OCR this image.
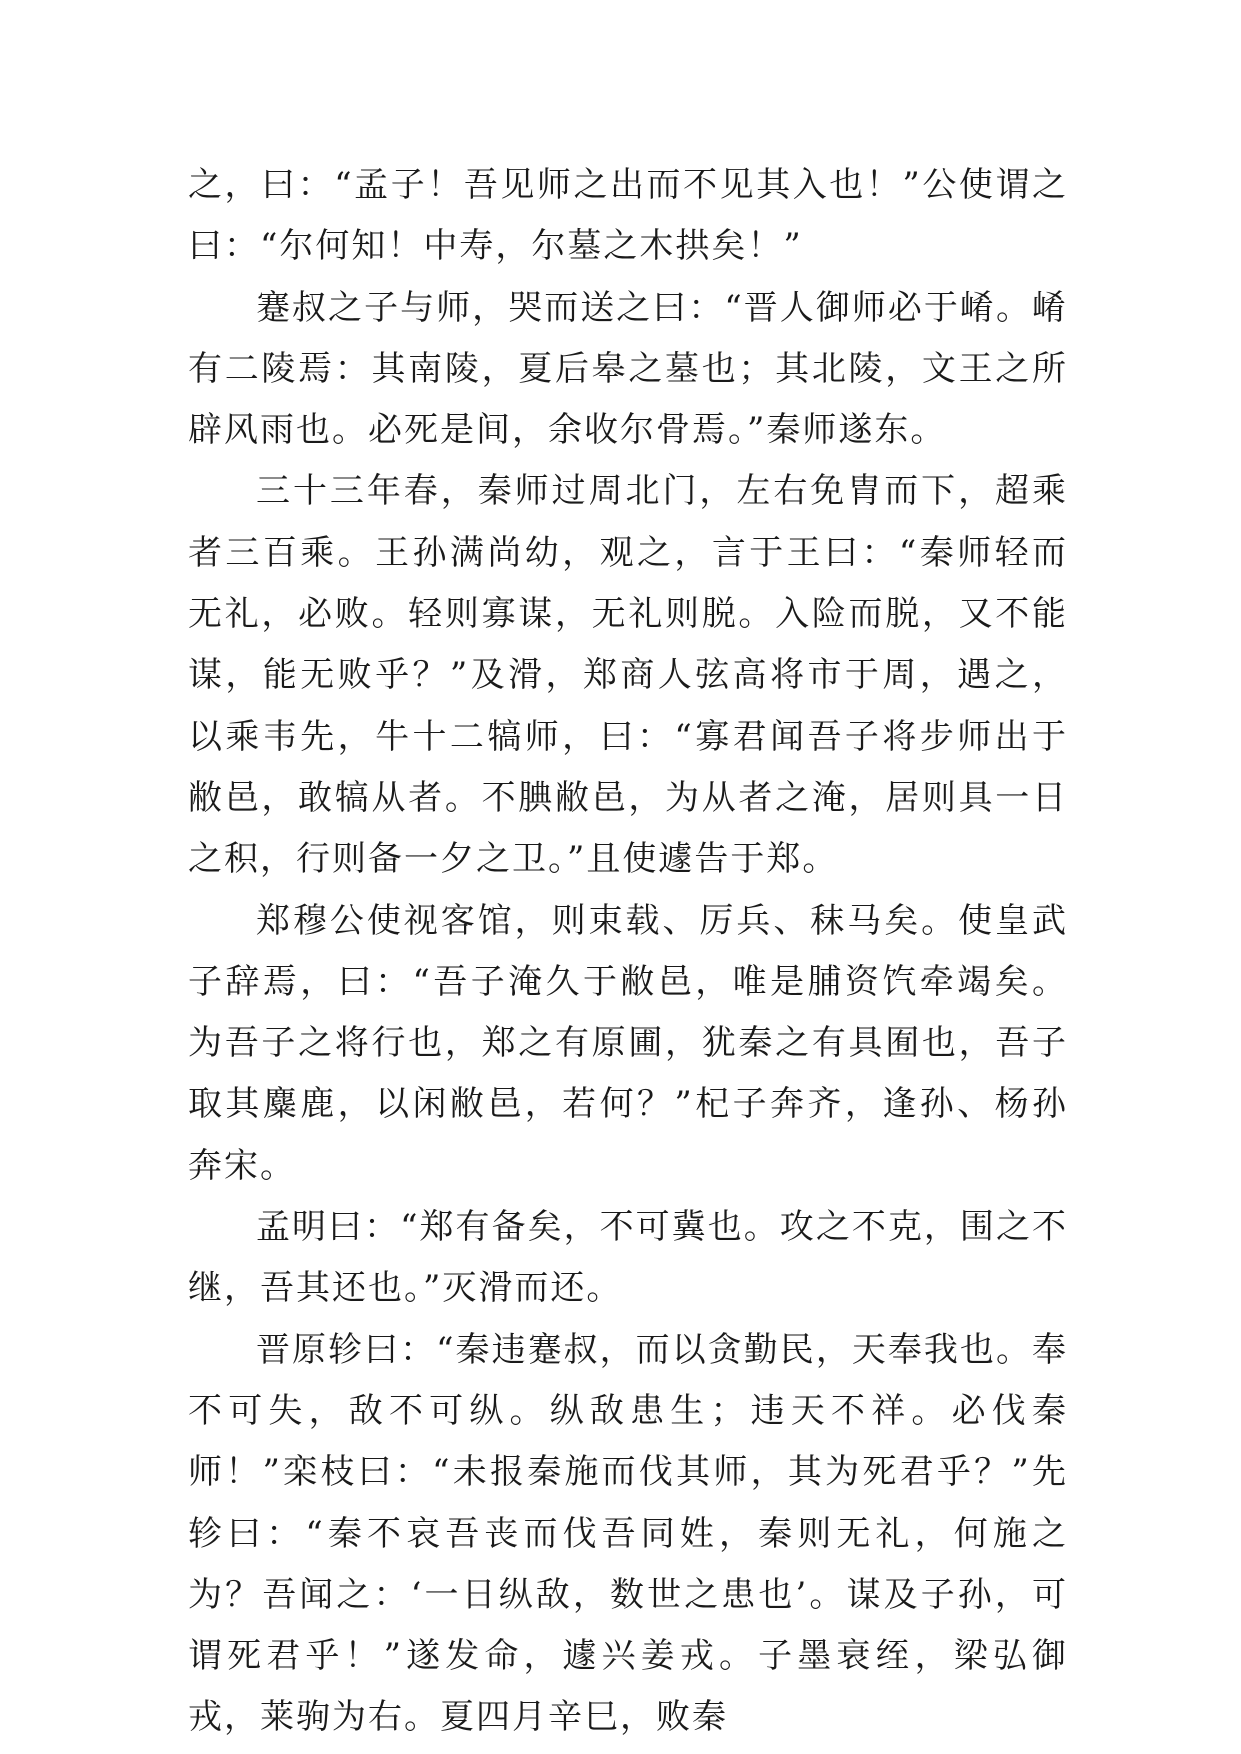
之，曰：“孟子！吾见师之出而不见其入也！”公使谓之曰：“尔何知！中寿，尔墓之木拱矣！”

蹇叔之子与师，哭而送之曰：“晋人御师必于崤。崤有二陵焉：其南陵，夏后皋之墓也；其北陵，文王之所辟风雨也。必死是间，余收尔骨焉。”秦师遂东。

三十三年春，秦师过周北门，左右免胄而下，超乘者三百乘。王孙满尚幼，观之，言于王曰：“秦师轻而无礼，必败。轻则寡谋，无礼则脱。入险而脱，又不能谋，能无败乎？”及滑，郑商人弦高将市于周，遇之，以乘韦先，牛十二犒师，曰：“寡君闻吾子将步师出于敝邑，敢犒从者。不腆敝邑，为从者之淹，居则具一日之积，行则备一夕之卫。”且使遽告于郑。

郑穆公使视客馆，则束载、厉兵、秣马矣。使皇武子辞焉，曰：“吾子淹久于敝邑，唯是脯资饩牵竭矣。为吾子之将行也，郑之有原圃，犹秦之有具囿也，吾子取其麋鹿，以闲敝邑，若何？”杞子奔齐，逢孙、杨孙奔宋。

孟明曰：“郑有备矣，不可冀也。攻之不克，围之不继，吾其还也。”灭滑而还。

晋原轸曰：“秦违蹇叔，而以贪勤民，天奉我也。奉不可失，敌不可纵。纵敌患生；违天不祥。必伐秦师！”栾枝曰：“未报秦施而伐其师，其为死君乎？”先轸曰：“秦不哀吾丧而伐吾同姓，秦则无礼，何施之为？吾闻之：‘一日纵敌，数世之患也’。谋及子孙，可谓死君乎！”遂发命，遽兴姜戎。子墨衰绖，梁弘御戎，莱驹为右。夏四月辛巳，败秦
